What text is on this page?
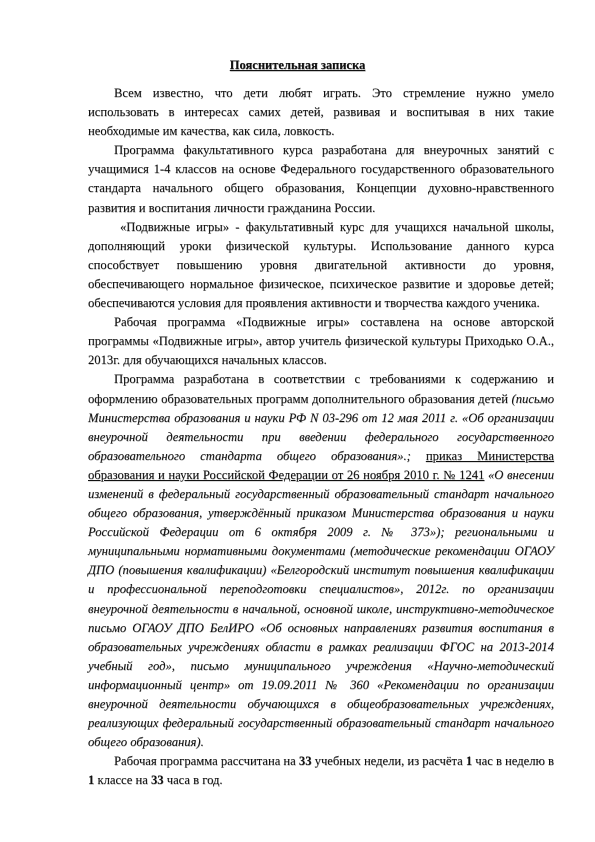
Пояснительная записка

Всем известно, что дети любят играть. Это стремление нужно умело использовать в интересах самих детей, развивая и воспитывая в них такие необходимые им качества, как сила, ловкость.

Программа факультативного курса разработана для внеурочных занятий с учащимися 1-4 классов на основе Федерального государственного образовательного стандарта начального общего образования, Концепции духовно-нравственного развития и воспитания личности гражданина России.

«Подвижные игры» - факультативный курс для учащихся начальной школы, дополняющий уроки физической культуры. Использование данного курса способствует повышению уровня двигательной активности до уровня, обеспечивающего нормальное физическое, психическое развитие и здоровье детей; обеспечиваются условия для проявления активности и творчества каждого ученика.

Рабочая программа «Подвижные игры» составлена на основе авторской программы «Подвижные игры», автор учитель физической культуры Приходько О.А., 2013г. для обучающихся начальных классов.

Программа разработана в соответствии с требованиями к содержанию и оформлению образовательных программ дополнительного образования детей (письмо Министерства образования и науки РФ N 03-296 от 12 мая 2011 г. «Об организации внеурочной деятельности при введении федерального государственного образовательного стандарта общего образования».; приказ Министерства образования и науки Российской Федерации от 26 ноября 2010 г. № 1241 «О внесении изменений в федеральный государственный образовательный стандарт начального общего образования, утверждённый приказом Министерства образования и науки Российской Федерации от 6 октября 2009 г. № 373»); региональными и муниципальными нормативными документами (методические рекомендации ОГАОУ ДПО (повышения квалификации) «Белгородский институт повышения квалификации и профессиональной переподготовки специалистов», 2012г. по организации внеурочной деятельности в начальной, основной школе, инструктивно-методическое письмо ОГАОУ ДПО БелИРО «Об основных направлениях развития воспитания в образовательных учреждениях области в рамках реализации ФГОС на 2013-2014 учебный год», письмо муниципального учреждения «Научно-методический информационный центр» от 19.09.2011 № 360 «Рекомендации по организации внеурочной деятельности обучающихся в общеобразовательных учреждениях, реализующих федеральный государственный образовательный стандарт начального общего образования).

Рабочая программа рассчитана на 33 учебных недели, из расчёта 1 час в неделю в 1 классе на 33 часа в год.
